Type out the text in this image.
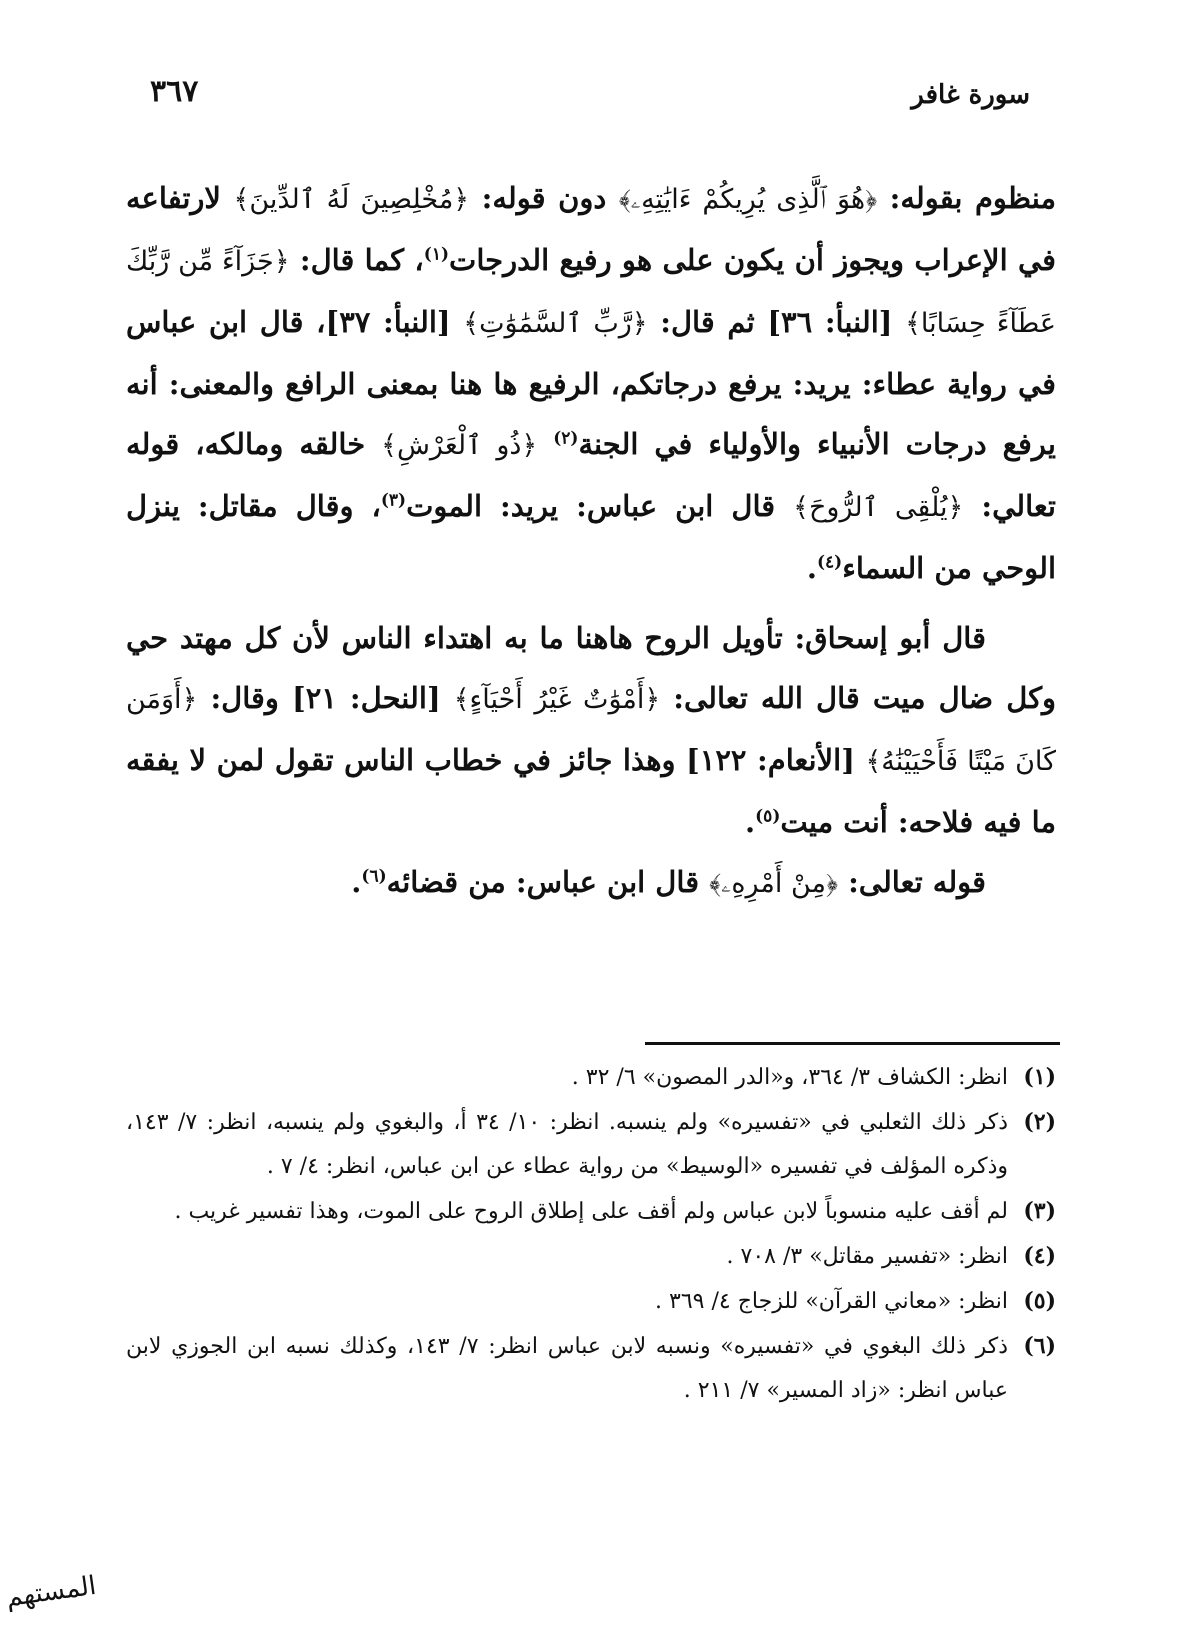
سورة غافر
٣٦٧

منظوم بقوله: ﴿هُوَ ٱلَّذِى يُرِيكُمْ ءَايَٰتِهِۦ﴾ دون قوله: ﴿مُخْلِصِينَ لَهُ ٱلدِّينَ﴾ لارتفاعه في الإعراب ويجوز أن يكون على هو رفيع الدرجات$^{(١)}$، كما قال: ﴿جَزَآءً مِّن رَّبِّكَ عَطَآءً حِسَابًا﴾ [النبأ: ٣٦] ثم قال: ﴿رَّبِّ ٱلسَّمَٰوَٰتِ﴾ [النبأ: ٣٧]، قال ابن عباس في رواية عطاء: يريد: يرفع درجاتكم، الرفيع ها هنا بمعنى الرافع والمعنى: أنه يرفع درجات الأنبياء والأولياء في الجنة$^{(٢)}$ ﴿ذُو ٱلْعَرْشِ﴾ خالقه ومالكه، قوله تعالي: ﴿يُلْقِى ٱلرُّوحَ﴾ قال ابن عباس: يريد: الموت$^{(٣)}$، وقال مقاتل: ينزل الوحي من السماء$^{(٤)}$.

قال أبو إسحاق: تأويل الروح هاهنا ما به اهتداء الناس لأن كل مهتد حي وكل ضال ميت قال الله تعالى: ﴿أَمْوَٰتٌ غَيْرُ أَحْيَآءٍ﴾ [النحل: ٢١] وقال: ﴿أَوَمَن كَانَ مَيْتًا فَأَحْيَيْنَٰهُ﴾ [الأنعام: ١٢٢] وهذا جائز في خطاب الناس تقول لمن لا يفقه ما فيه فلاحه: أنت ميت$^{(٥)}$.

قوله تعالى: ﴿مِنْ أَمْرِهِۦ﴾ قال ابن عباس: من قضائه$^{(٦)}$.

(١)انظر: الكشاف ٣/ ٣٦٤، و«الدر المصون» ٦/ ٣٢ .

(٢)ذكر ذلك الثعلبي في «تفسيره» ولم ينسبه. انظر: ١٠/ ٣٤ أ، والبغوي ولم ينسبه، انظر: ٧/ ١٤٣، وذكره المؤلف في تفسيره «الوسيط» من رواية عطاء عن ابن عباس، انظر: ٤/ ٧ .

(٣)لم أقف عليه منسوباً لابن عباس ولم أقف على إطلاق الروح على الموت، وهذا تفسير غريب .

(٤)انظر: «تفسير مقاتل» ٣/ ٧٠٨ .

(٥)انظر: «معاني القرآن» للزجاج ٤/ ٣٦٩ .

(٦)ذكر ذلك البغوي في «تفسيره» ونسبه لابن عباس انظر: ٧/ ١٤٣، وكذلك نسبه ابن الجوزي لابن عباس انظر: «زاد المسير» ٧/ ٢١١ .

المستهم
